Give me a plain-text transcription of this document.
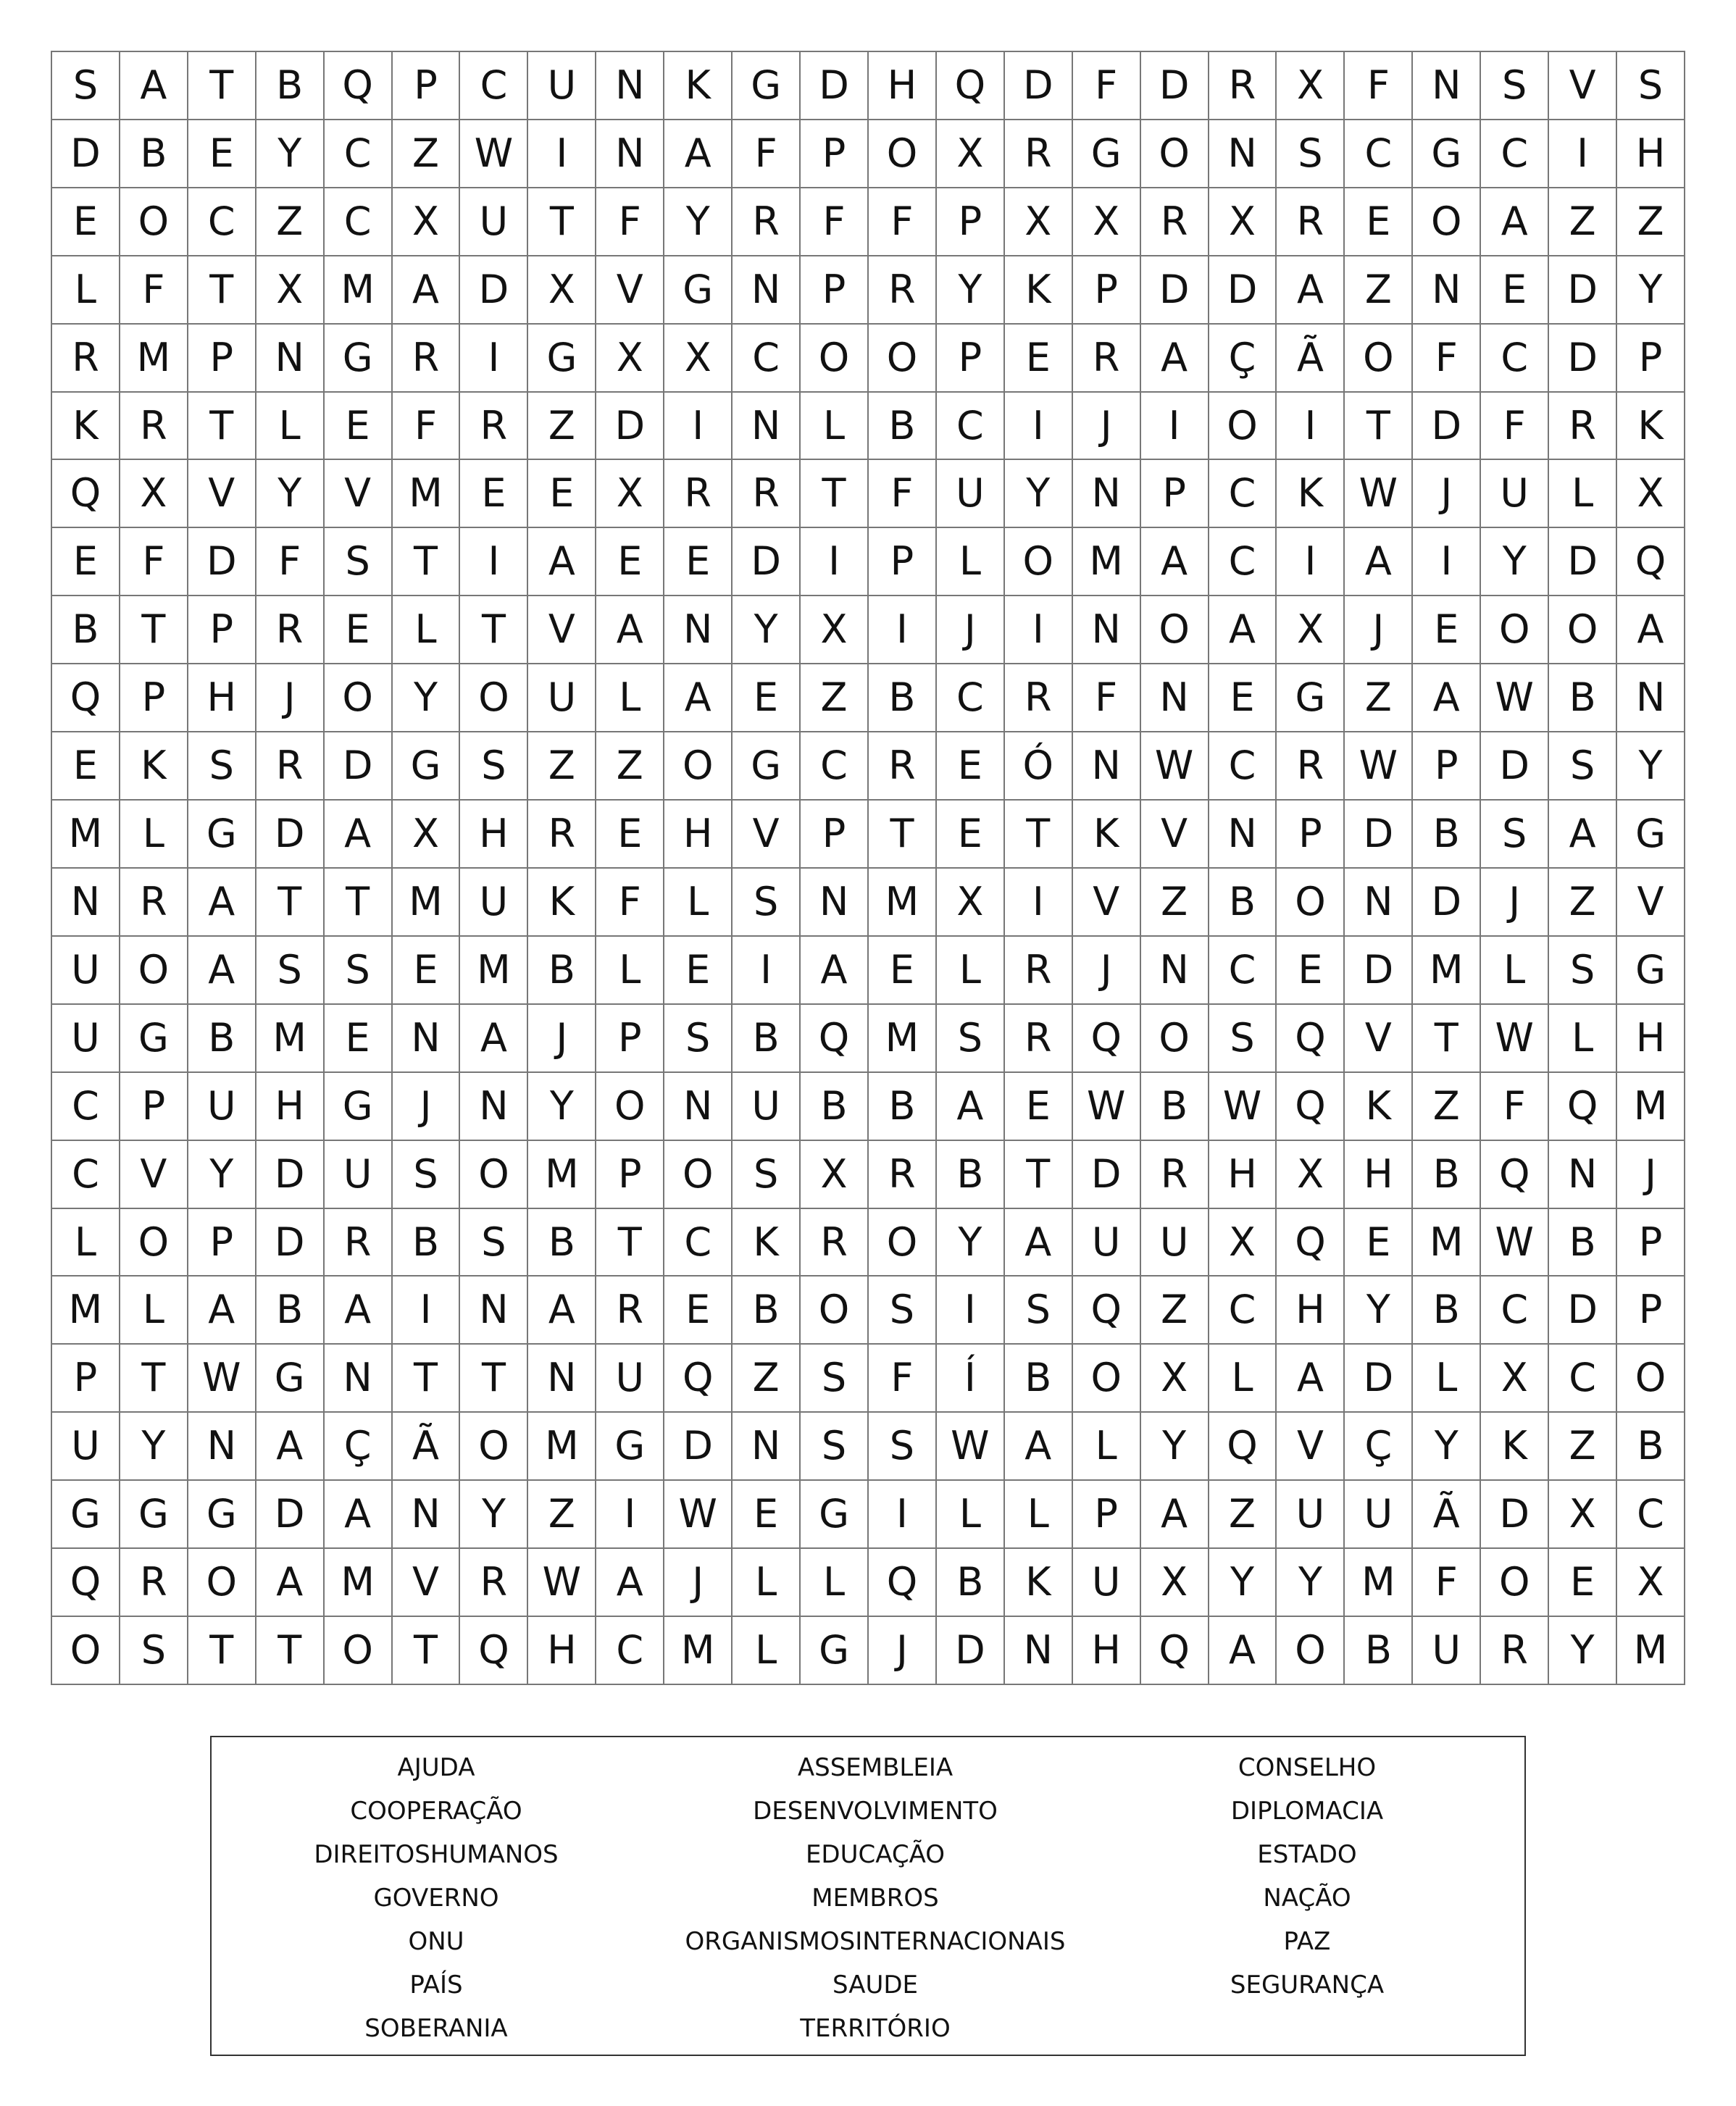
S	A	T	B	Q	P	C	U N	K	G D H Q D	F	D	R	X	F	N	S	V	S
D	B	E	Y	C	Z W	I	N	A	F	P	O	X	R	G O N	S	C	G	C	I	H
E	O C	Z	C	X	U	T	F	Y	R	F	F	P	X	X	R	X	R	E	O	A	Z	Z
L	F	T	X M A	D	X	V	G N	P	R	Y	K	P	D D	A	Z	N	E	D	Y
R M	P	N G	R	I	G	X	X	C O O	P	E	R	A	Ç	Ã	O	F	C	D	P
K	R	T	L	E	F	R	Z	D	I	N	L	B	C	I	J	I	O	I	T	D	F	R	K
Q	X	V	Y	V M E	E	X	R	R	T	F	U	Y	N	P	C	K W	J	U	L	X
E	F	D	F	S	T	I	A	E	E	D	I	P	L	O M A	C	I	A	I	Y	D Q
B	T	P	R	E	L	T	V	A	N	Y	X	I	J	I	N O	A	X	J	E	O O	A
Q	P	H	J	O	Y	O U	L	A	E	Z	B	C	R	F	N	E	G	Z	A W B	N
E	K	S	R	D G	S	Z	Z	O G	C	R	E	Ó N W C	R W P	D	S	Y
M	L	G D	A	X	H	R	E	H	V	P	T	E	T	K	V	N	P	D	B	S	A	G
N	R	A	T	T	M U	K	F	L	S	N M X	I	V	Z	B	O N D	J	Z	V
U O	A	S	S	E M B	L	E	I	A	E	L	R	J	N	C	E	D M	L	S	G
U G	B M E	N	A	J	P	S	B	Q M S	R Q O	S	Q	V	T W L	H
C	P	U H G	J	N	Y	O N U	B	B	A	E W B W Q	K	Z	F	Q M
C	V	Y	D U	S	O M	P	O	S	X	R	B	T	D	R	H	X	H	B	Q N	J
L	O	P	D	R	B	S	B	T	C	K	R O	Y	A	U	U	X	Q	E M W B	P
M	L	A	B	A	I	N	A	R	E	B	O	S	I	S	Q	Z	C	H	Y	B	C	D	P
P	T W G N	T	T	N U Q	Z	S	F	Í	B	O	X	L	A	D	L	X	C O
U	Y	N	A	Ç	Ã	O M G D N	S	S W A	L	Y	Q	V	Ç	Y	K	Z	B
G G G D	A	N	Y	Z	I	W E	G	I	L	L	P	A	Z	U	U	Ã	D	X	C
Q R O	A M V	R W A	J	L	L	Q	B	K	U	X	Y	Y	M	F	O	E	X
O	S	T	T	O	T	Q H	C M	L	G	J	D N H Q	A	O	B	U	R	Y	M
AJUDA
COOPERAÇÃO
DIREITOSHUMANOS
GOVERNO
ONU
PAÍS
SOBERANIA
ASSEMBLEIA
DESENVOLVIMENTO
EDUCAÇÃO
MEMBROS
ORGANISMOSINTERNACIONAIS
SAUDE
TERRITÓRIO
CONSELHO
DIPLOMACIA
ESTADO
NAÇÃO
PAZ
SEGURANÇA
